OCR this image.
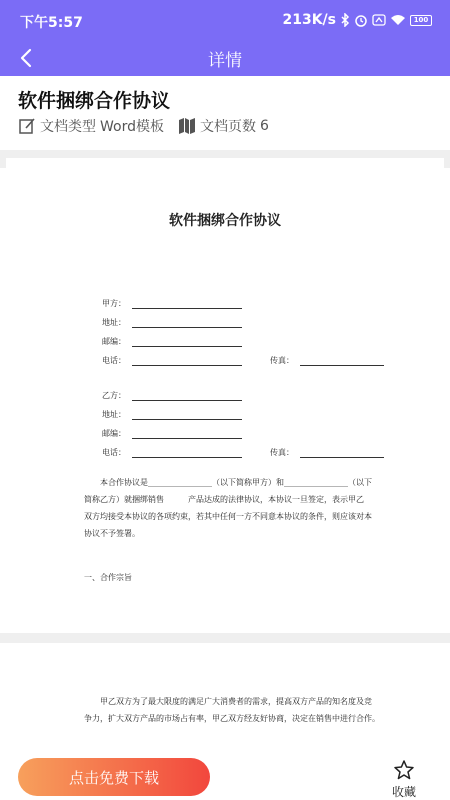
下午5:57	213K/s	100
详情
软件捆绑合作协议
文档类型 Word模板	文档页数 6
软件捆绑合作协议
甲方：
地址：
邮编：
电话：	传真：
乙方：
地址：
邮编：
电话：	传真：
本合作协议是________________（以下简称甲方）和________________（以下
简称乙方）就捆绑销售　　　产品达成的法律协议，本协议一旦签定，表示甲乙
双方均接受本协议的各项约束，若其中任何一方不同意本协议的条件，则应该对本
协议不予签署。
一、合作宗旨
甲乙双方为了最大限度的满足广大消费者的需求，提高双方产品的知名度及竞
争力，扩大双方产品的市场占有率，甲乙双方经友好协商，决定在销售中进行合作。
点击免费下载
收藏
